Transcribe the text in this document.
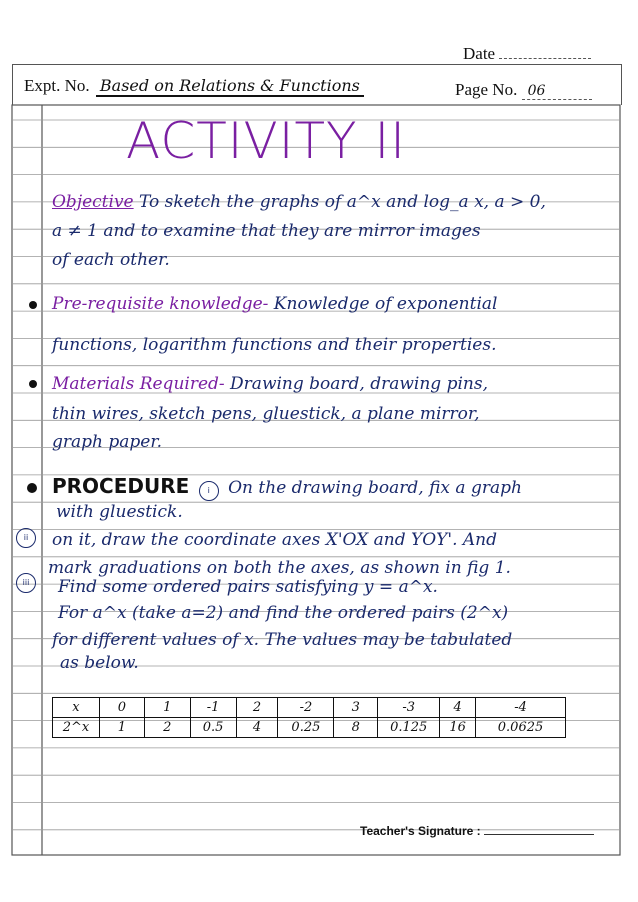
Date
Expt. No. Based on Relations & Functions	Page No. 06
ACTIVITY II
Objective To sketch the graphs of a^x and log_a x, a > 0,
a ≠ 1 and to examine that they are mirror images
of each other.
Pre-requisite knowledge- Knowledge of exponential
functions, logarithm functions and their properties.
Materials Required- Drawing board, drawing pins,
thin wires, sketch pens, gluestick, a plane mirror,
graph paper.
PROCEDURE i On the drawing board, fix a graph
with gluestick.
ii	on it, draw the coordinate axes X'OX and YOY'. And
mark graduations on both the axes, as shown in fig 1.
iii	Find some ordered pairs satisfying y = a^x.
For a^x (take a=2) and find the ordered pairs (2^x)
for different values of x. The values may be tabulated
as below.
x	0	1	-1	2	-2	3	-3	4	-4
2^x	1	2	0.5	4	0.25	8	0.125	16	0.0625
Teacher's Signature :
